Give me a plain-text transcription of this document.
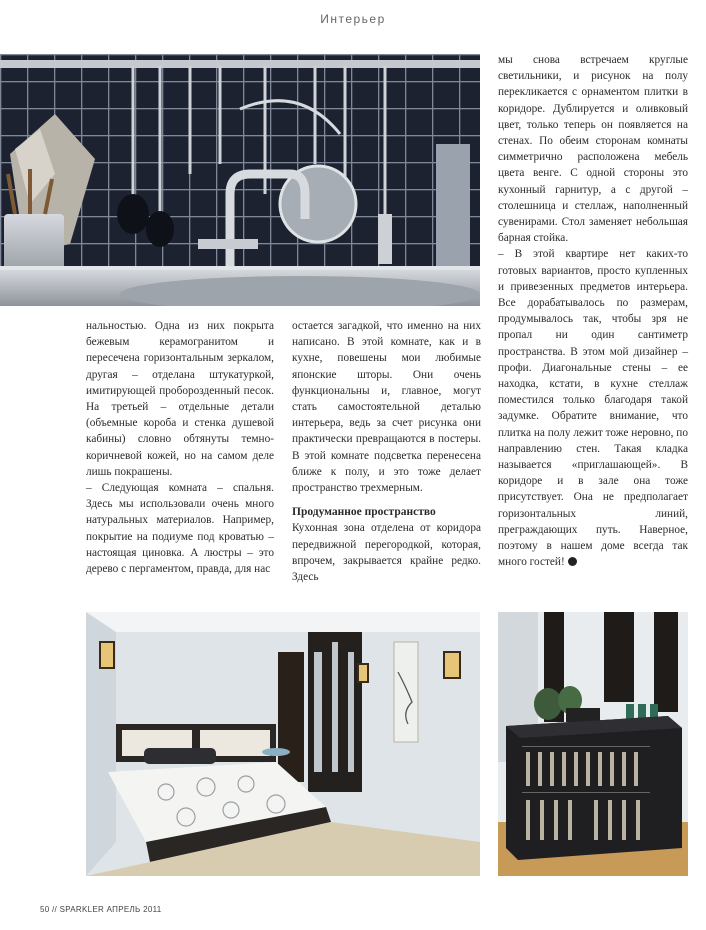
Интерьер

мы снова встречаем круглые светильники, и рисунок на полу перекликается с орнаментом плитки в коридоре. Дублируется и оливковый цвет, только теперь он появляется на стенах. По обеим сторонам комнаты симметрично расположена мебель цвета венге. С одной стороны это кухонный гарнитур, а с другой – столешница и стеллаж, наполненный сувенирами. Стол заменяет небольшая барная стойка.

– В этой квартире нет каких-то готовых вариантов, просто купленных и привезенных предметов интерьера. Все дорабатывалось по размерам, продумывалось так, чтобы зря не пропал ни один сантиметр пространства. В этом мой дизайнер – профи. Диагональные стены – ее находка, кстати, в кухне стеллаж поместился только благодаря такой задумке. Обратите внимание, что плитка на полу лежит тоже неровно, по направлению стен. Такая кладка называется «приглашающей». В коридоре и в зале она тоже присутствует. Она не предполагает горизонтальных линий, преграждающих путь. Наверное, поэтому в нашем доме всегда так много гостей!

нальностью. Одна из них покрыта бежевым керамогранитом и пересечена горизонтальным зеркалом, другая – отделана штукатуркой, имитирующей проборозденный песок. На третьей – отдельные детали (объемные короба и стенка душевой кабины) словно обтянуты темно-коричневой кожей, но на самом деле лишь покрашены.

– Следующая комната – спальня. Здесь мы использовали очень много натуральных материалов. Например, покрытие на подиуме под кроватью – настоящая циновка. А люстры – это дерево с пергаментом, правда, для нас

остается загадкой, что именно на них написано. В этой комнате, как и в кухне, повешены мои любимые японские шторы. Они очень функциональны и, главное, могут стать самостоятельной деталью интерьера, ведь за счет рисунка они практически превращаются в постеры. В этой комнате подсветка перенесена ближе к полу, и это тоже делает пространство трехмерным.

Продуманное пространство

Кухонная зона отделена от коридора передвижной перегородкой, которая, впрочем, закрывается крайне редко. Здесь

50 // SPARKLER АПРЕЛЬ 2011
